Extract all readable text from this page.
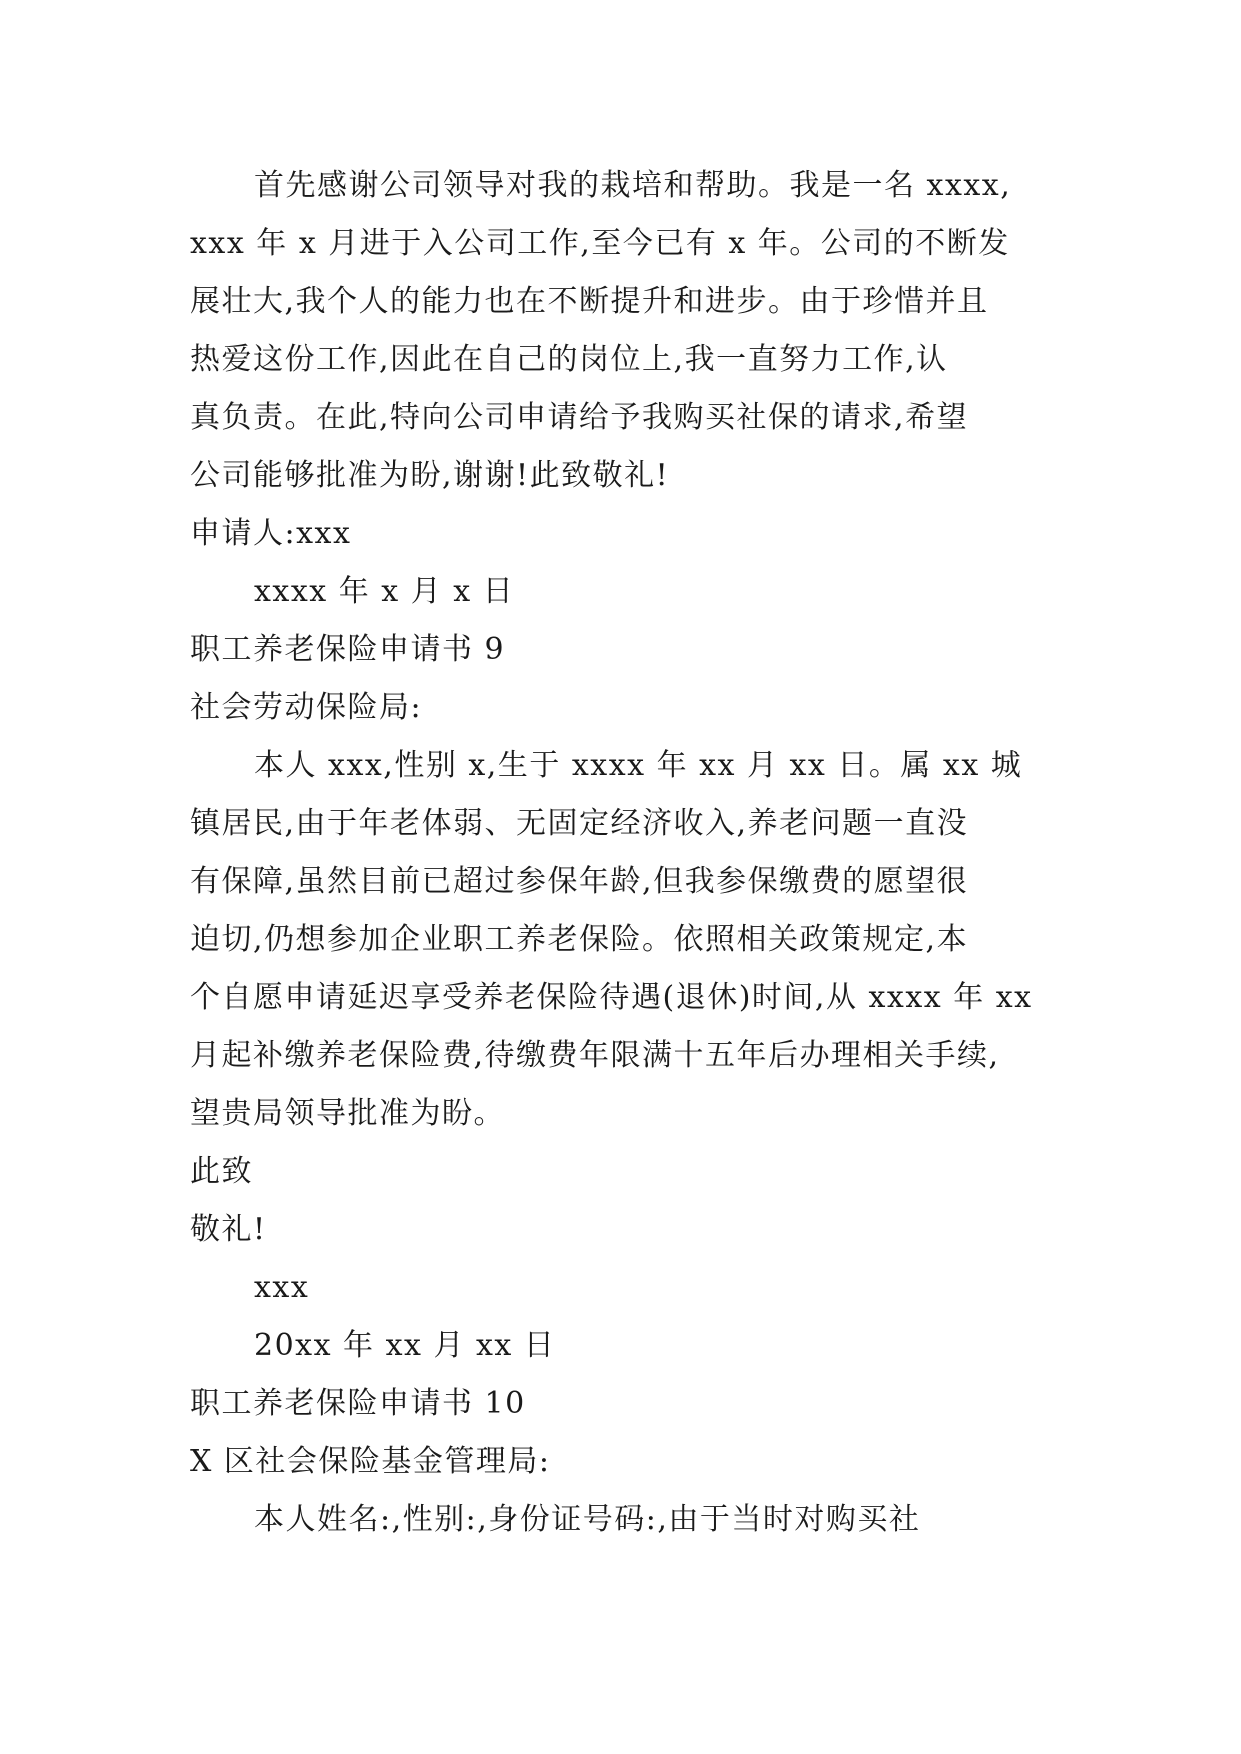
首先感谢公司领导对我的栽培和帮助。我是一名 xxxx,
xxx 年 x 月进于入公司工作,至今已有 x 年。公司的不断发
展壮大,我个人的能力也在不断提升和进步。由于珍惜并且
热爱这份工作,因此在自己的岗位上,我一直努力工作,认
真负责。在此,特向公司申请给予我购买社保的请求,希望
公司能够批准为盼,谢谢!此致敬礼!
申请人:xxx
xxxx 年 x 月 x 日
职工养老保险申请书 9
社会劳动保险局:
本人 xxx,性别 x,生于 xxxx 年 xx 月 xx 日。属 xx 城
镇居民,由于年老体弱、无固定经济收入,养老问题一直没
有保障,虽然目前已超过参保年龄,但我参保缴费的愿望很
迫切,仍想参加企业职工养老保险。依照相关政策规定,本
个自愿申请延迟享受养老保险待遇(退休)时间,从 xxxx 年 xx
月起补缴养老保险费,待缴费年限满十五年后办理相关手续,
望贵局领导批准为盼。
此致
敬礼!
xxx
20xx 年 xx 月 xx 日
职工养老保险申请书 10
X 区社会保险基金管理局:
本人姓名:,性别:,身份证号码:,由于当时对购买社
